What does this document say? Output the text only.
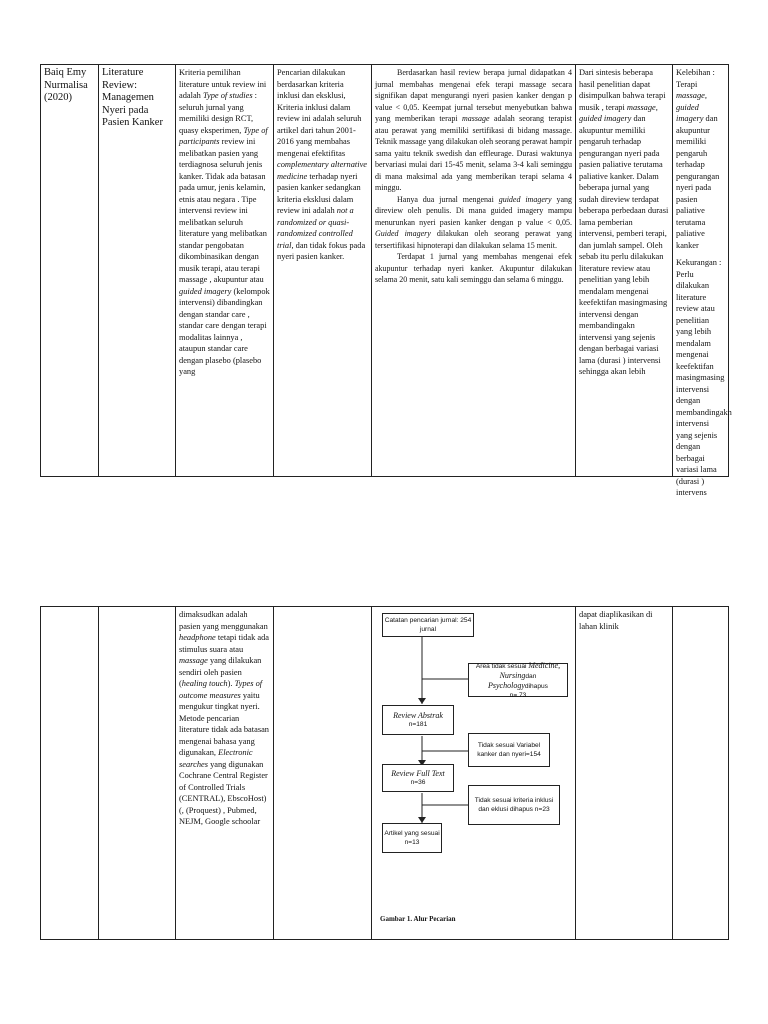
Baiq Emy Nurmalisa (2020)
Literature Review: Managemen Nyeri pada Pasien Kanker
Kriteria pemilihan literature untuk review ini adalah Type of studies : seluruh jurnal yang memiliki design RCT, quasy eksperimen, Type of participants review ini melibatkan pasien yang terdiagnosa seluruh jenis kanker. Tidak ada batasan pada umur, jenis kelamin, etnis atau negara . Tipe intervensi review ini melibatkan seluruh literature yang melibatkan standar pengobatan dikombinasikan dengan musik terapi, atau terapi massage , akupuntur atau guided imagery (kelompok intervensi) dibandingkan dengan standar care , standar care dengan terapi modalitas lainnya , ataupun standar care dengan plasebo (plasebo yang
Pencarian dilakukan berdasarkan kriteria inklusi dan eksklusi, Kriteria inklusi dalam review ini adalah seluruh artikel dari tahun 2001-2016 yang membahas mengenai efektifitas complementary alternative medicine terhadap nyeri pasien kanker sedangkan kriteria eksklusi dalam review ini adalah not a randomized or quasi-randomized controlled trial, dan tidak fokus pada nyeri pasien kanker.

Berdasarkan hasil review berapa jurnal didapatkan 4 jurnal membahas mengenai efek terapi massage secara signifikan dapat mengurangi nyeri pasien kanker dengan p value < 0,05. Keempat jurnal tersebut menyebutkan bahwa yang memberikan terapi massage adalah seorang terapist atau perawat yang memiliki sertifikasi di bidang massage. Teknik massage yang dilakukan oleh seorang perawat hampir sama yaitu teknik swedish dan effleurage. Durasi waktunya bervariasi mulai dari 15-45 menit, selama 3-4 kali seminggu di mana maksimal ada yang memberikan terapi selama 4 minggu.

Hanya dua jurnal mengenai guided imagery yang direview oleh penulis. Di mana guided imagery mampu menurunkan nyeri pasien kanker dengan p value < 0,05. Guided imagery dilakukan oleh seorang perawat yang tersertifikasi hipnoterapi dan dilakukan selama 15 menit.

Terdapat 1 jurnal yang membahas mengenai efek akupuntur terhadap nyeri kanker. Akupuntur dilakukan selama 20 menit, satu kali seminggu dan selama 6 minggu.

Dari sintesis beberapa hasil penelitian dapat disimpulkan bahwa terapi musik , terapi massage, guided imagery dan akupuntur memiliki pengaruh terhadap pengurangan nyeri pada pasien paliative terutama paliative kanker. Dalam beberapa jurnal yang sudah direview terdapat beberapa perbedaan durasi lama pemberian intervensi, pemberi terapi, dan jumlah sampel. Oleh sebab itu perlu dilakukan literature review atau penelitian yang lebih mendalam mengenai keefektifan masingmasing intervensi dengan membandingakn intervensi yang sejenis dengan berbagai variasi lama (durasi ) intervensi sehingga akan lebih
Kelebihan : Terapi massage, guided imagery dan akupuntur memiliki pengaruh terhadap pengurangan nyeri pada pasien paliative terutama paliative kanker
Kekurangan : Perlu dilakukan literature review atau penelitian yang lebih mendalam mengenai keefektifan masingmasing intervensi dengan membandingakn intervensi yang sejenis dengan berbagai variasi lama (durasi ) intervens
dimaksudkan adalah pasien yang menggunakan headphone tetapi tidak ada stimulus suara atau massage yang dilakukan sendiri oleh pasien (healing touch). Types of outcome measures yaitu mengukur tingkat nyeri. Metode pencarian literature tidak ada batasan mengenai bahasa yang digunakan, Electronic searches yang digunakan Cochrane Central Register of Controlled Trials (CENTRAL), EbscoHost)(, (Proquest) , Pubmed, NEJM, Google schoolar
Catatan pencarian jurnal: 254 jurnal
Area tidak sesuai Medicine, Nursingdan Psychologydihapus
n= 73
Review Abstrak
n=181
Tidak sesuai Variabel kanker dan nyeri=154
Review Full Text
n=36
Tidak sesuai kriteria inklusi dan eklusi dihapus n=23
Artikel yang sesuai n=13
Gambar 1. Alur Pecarian
dapat diaplikasikan di lahan klinik
